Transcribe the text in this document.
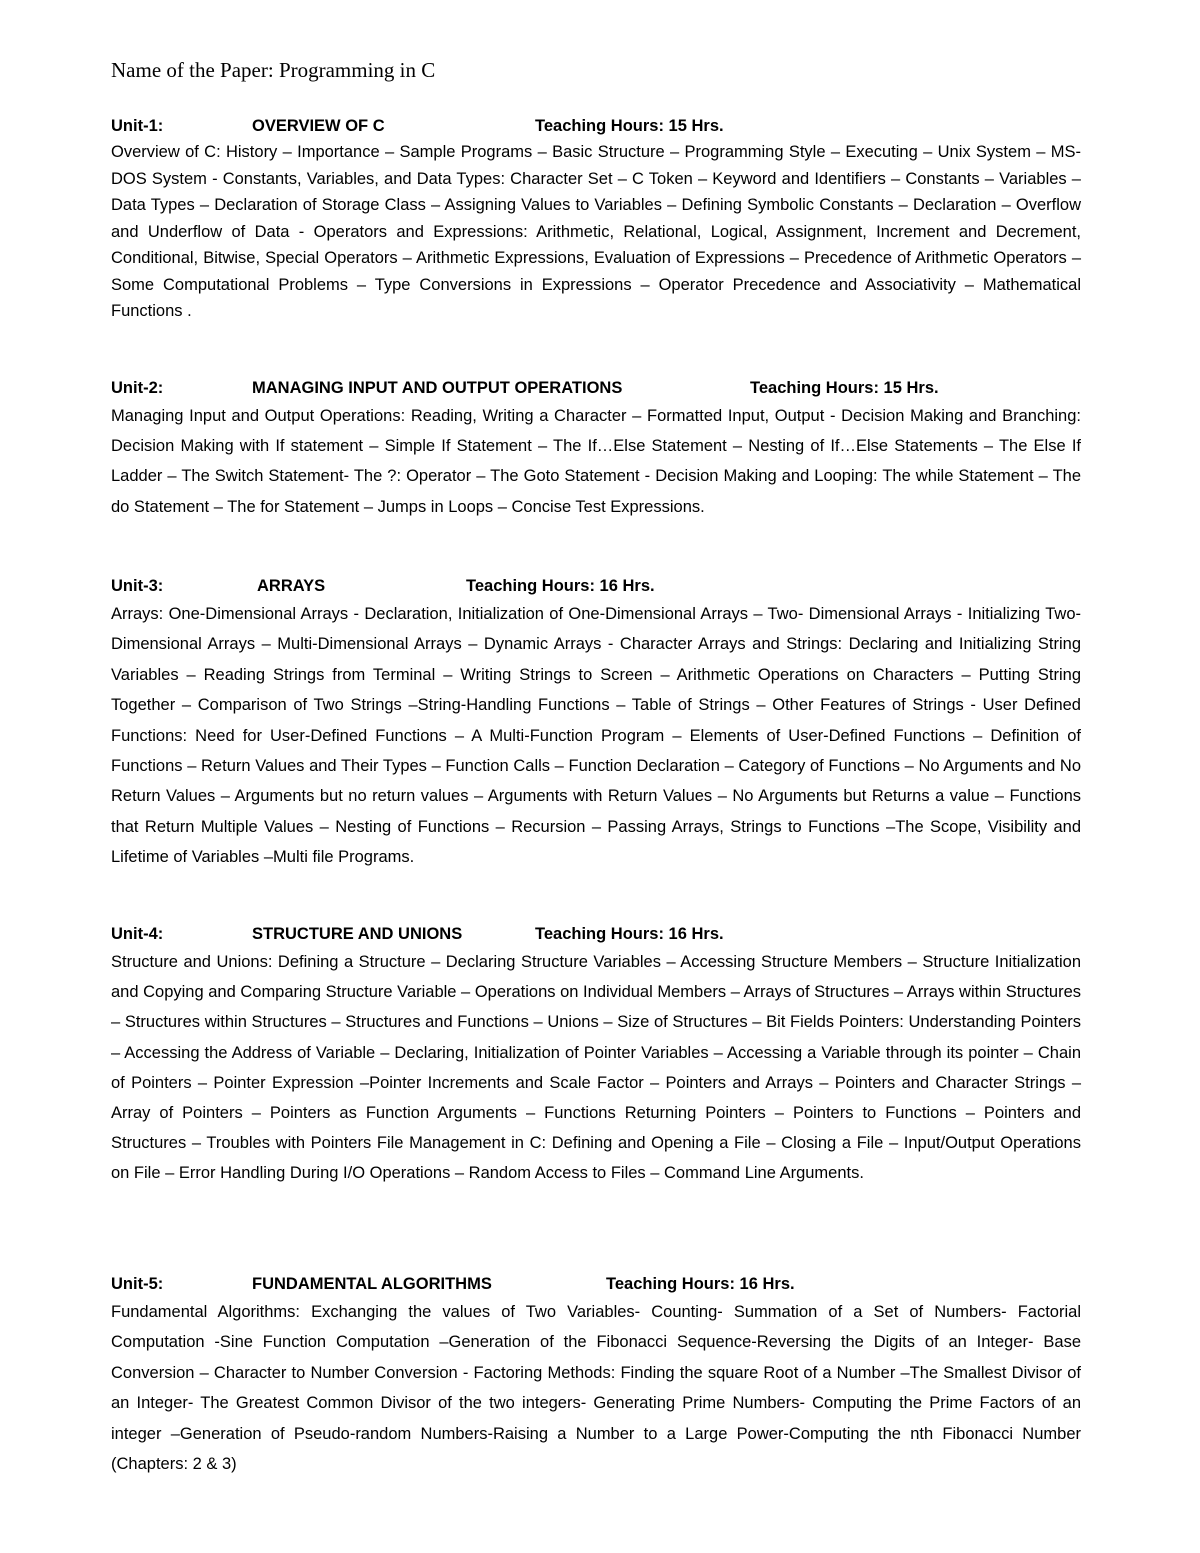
Name of the Paper: Programming in C
Unit-1:	OVERVIEW OF C	Teaching Hours: 15 Hrs.

Overview of C: History – Importance – Sample Programs – Basic Structure – Programming Style – Executing – Unix System – MS-DOS System - Constants, Variables, and Data Types: Character Set – C Token – Keyword and Identifiers – Constants – Variables – Data Types – Declaration of Storage Class – Assigning Values to Variables – Defining Symbolic Constants – Declaration – Overflow and Underflow of Data - Operators and Expressions: Arithmetic, Relational, Logical, Assignment, Increment and Decrement, Conditional, Bitwise, Special Operators – Arithmetic Expressions, Evaluation of Expressions – Precedence of Arithmetic Operators – Some Computational Problems – Type Conversions in Expressions – Operator Precedence and Associativity – Mathematical Functions .

Unit-2:	MANAGING INPUT AND OUTPUT OPERATIONS	Teaching Hours: 15 Hrs.

Managing Input and Output Operations: Reading, Writing a Character – Formatted Input, Output - Decision Making and Branching: Decision Making with If statement – Simple If Statement – The If…Else Statement – Nesting of If…Else Statements – The Else If Ladder – The Switch Statement- The ?: Operator – The Goto Statement - Decision Making and Looping: The while Statement – The do Statement – The for Statement – Jumps in Loops – Concise Test Expressions.

Unit-3:	ARRAYS	Teaching Hours: 16 Hrs.

Arrays: One-Dimensional Arrays - Declaration, Initialization of One-Dimensional Arrays – Two- Dimensional Arrays - Initializing Two-Dimensional Arrays – Multi-Dimensional Arrays – Dynamic Arrays - Character Arrays and Strings: Declaring and Initializing String Variables – Reading Strings from Terminal – Writing Strings to Screen – Arithmetic Operations on Characters – Putting String Together – Comparison of Two Strings –String-Handling Functions – Table of Strings – Other Features of Strings - User Defined Functions: Need for User-Defined Functions – A Multi-Function Program – Elements of User-Defined Functions – Definition of Functions – Return Values and Their Types – Function Calls – Function Declaration – Category of Functions – No Arguments and No Return Values – Arguments but no return values – Arguments with Return Values – No Arguments but Returns a value – Functions that Return Multiple Values – Nesting of Functions – Recursion – Passing Arrays, Strings to Functions –The Scope, Visibility and Lifetime of Variables –Multi file Programs.

Unit-4:	STRUCTURE AND UNIONS	Teaching Hours: 16 Hrs.

Structure and Unions: Defining a Structure – Declaring Structure Variables – Accessing Structure Members – Structure Initialization and Copying and Comparing Structure Variable – Operations on Individual Members – Arrays of Structures – Arrays within Structures – Structures within Structures – Structures and Functions – Unions – Size of Structures – Bit Fields Pointers: Understanding Pointers – Accessing the Address of Variable – Declaring, Initialization of Pointer Variables – Accessing a Variable through its pointer – Chain of Pointers – Pointer Expression –Pointer Increments and Scale Factor – Pointers and Arrays – Pointers and Character Strings – Array of Pointers – Pointers as Function Arguments – Functions Returning Pointers – Pointers to Functions – Pointers and Structures – Troubles with Pointers File Management in C: Defining and Opening a File – Closing a File – Input/Output Operations on File – Error Handling During I/O Operations – Random Access to Files – Command Line Arguments.

Unit-5:	FUNDAMENTAL ALGORITHMS	Teaching Hours: 16 Hrs.

Fundamental Algorithms: Exchanging the values of Two Variables- Counting- Summation of a Set of Numbers- Factorial Computation -Sine Function Computation –Generation of the Fibonacci Sequence-Reversing the Digits of an Integer- Base Conversion – Character to Number Conversion - Factoring Methods: Finding the square Root of a Number –The Smallest Divisor of an Integer- The Greatest Common Divisor of the two integers- Generating Prime Numbers- Computing the Prime Factors of an integer –Generation of Pseudo-random Numbers-Raising a Number to a Large Power-Computing the nth Fibonacci Number (Chapters: 2 & 3)
